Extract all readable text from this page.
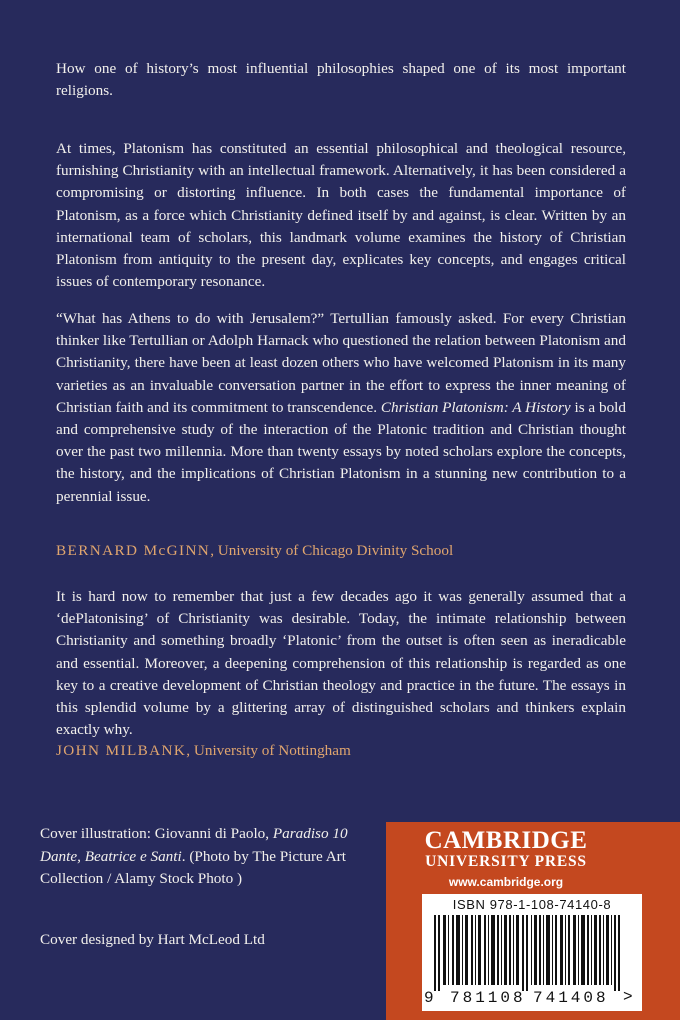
How one of history’s most influential philosophies shaped one of its most important religions.

At times, Platonism has constituted an essential philosophical and theological resource, furnishing Christianity with an intellectual framework. Alternatively, it has been considered a compromising or distorting influence. In both cases the fundamental importance of Platonism, as a force which Christianity defined itself by and against, is clear. Written by an international team of scholars, this landmark volume examines the history of Christian Platonism from antiquity to the present day, explicates key concepts, and engages critical issues of contemporary resonance.

“What has Athens to do with Jerusalem?” Tertullian famously asked. For every Christian thinker like Tertullian or Adolph Harnack who questioned the relation between Platonism and Christianity, there have been at least dozen others who have welcomed Platonism in its many varieties as an invaluable conversation partner in the effort to express the inner meaning of Christian faith and its commitment to transcendence. Christian Platonism: A History is a bold and comprehensive study of the interaction of the Platonic tradition and Christian thought over the past two millennia. More than twenty essays by noted scholars explore the concepts, the history, and the implications of Christian Platonism in a stunning new contribution to a perennial issue.

BERNARD McGINN, University of Chicago Divinity School

It is hard now to remember that just a few decades ago it was generally assumed that a ‘dePlatonising’ of Christianity was desirable. Today, the intimate relationship between Christianity and something broadly ‘Platonic’ from the outset is often seen as ineradicable and essential. Moreover, a deepening comprehension of this relationship is regarded as one key to a creative development of Christian theology and practice in the future. The essays in this splendid volume by a glittering array of distinguished scholars and thinkers explain exactly why.

JOHN MILBANK, University of Nottingham

Cover illustration: Giovanni di Paolo, Paradiso 10 Dante, Beatrice e Santi. (Photo by The Picture Art Collection / Alamy Stock Photo )

Cover designed by Hart McLeod Ltd

CAMBRIDGE
UNIVERSITY PRESS
www.cambridge.org
ISBN 978-1-108-74140-8
9 781108 741408 >
